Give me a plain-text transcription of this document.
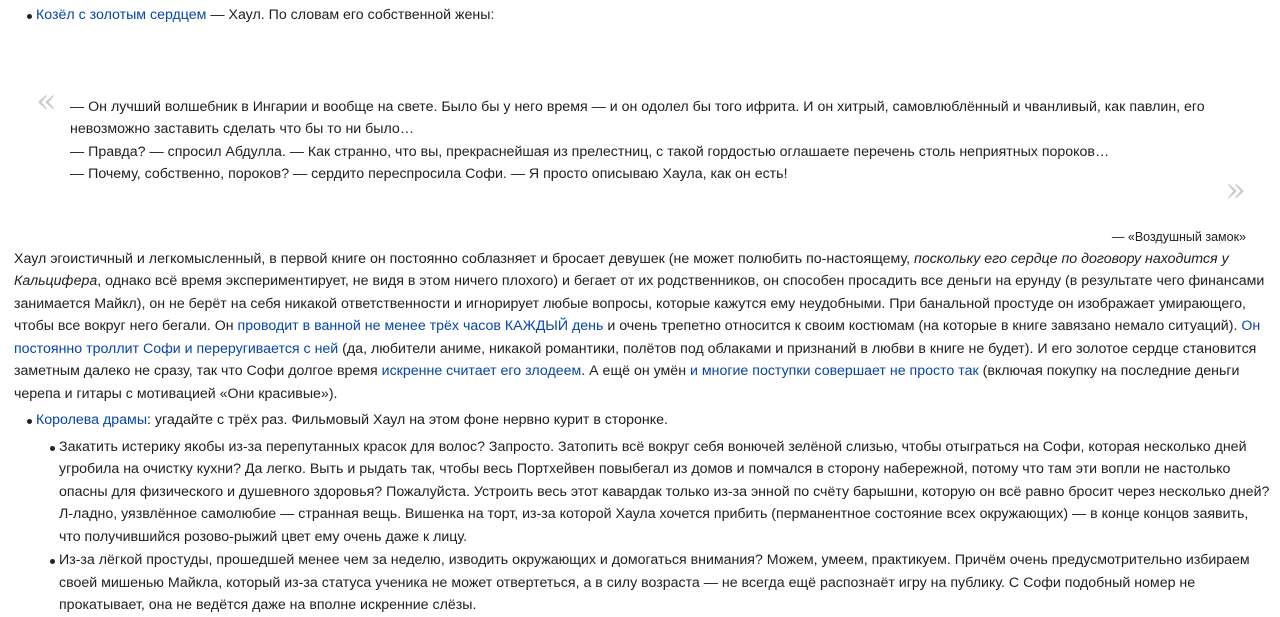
Козёл с золотым сердцем — Хаул. По словам его собственной жены:
« — Он лучший волшебник в Ингарии и вообще на свете. Было бы у него время — и он одолел бы того ифрита. И он хитрый, самовлюблённый и чванливый, как павлин, его невозможно заставить сделать что бы то ни было…

— Правда? — спросил Абдулла. — Как странно, что вы, прекраснейшая из прелестниц, с такой гордостью оглашаете перечень столь неприятных пороков…

— Почему, собственно, пороков? — сердито переспросила Софи. — Я просто описываю Хаула, как он есть!	»
— «Воздушный замок»

Хаул эгоистичный и легкомысленный, в первой книге он постоянно соблазняет и бросает девушек (не может полюбить по-настоящему, поскольку его сердце по договору находится у Кальцифера, однако всё время экспериментирует, не видя в этом ничего плохого) и бегает от их родственников, он способен просадить все деньги на ерунду (в результате чего финансами занимается Майкл), он не берёт на себя никакой ответственности и игнорирует любые вопросы, которые кажутся ему неудобными. При банальной простуде он изображает умирающего, чтобы все вокруг него бегали. Он проводит в ванной не менее трёх часов КАЖДЫЙ день и очень трепетно относится к своим костюмам (на которые в книге завязано немало ситуаций). Он постоянно троллит Софи и переругивается с ней (да, любители аниме, никакой романтики, полётов под облаками и признаний в любви в книге не будет). И его золотое сердце становится заметным далеко не сразу, так что Софи долгое время искренне считает его злодеем. А ещё он умён и многие поступки совершает не просто так (включая покупку на последние деньги черепа и гитары с мотивацией «Они красивые»).

Королева драмы: угадайте с трёх раз. Фильмовый Хаул на этом фоне нервно курит в сторонке.
Закатить истерику якобы из-за перепутанных красок для волос? Запросто. Затопить всё вокруг себя вонючей зелёной слизью, чтобы отыграться на Софи, которая несколько дней угробила на очистку кухни? Да легко. Выть и рыдать так, чтобы весь Портхейвен повыбегал из домов и помчался в сторону набережной, потому что там эти вопли не настолько опасны для физического и душевного здоровья? Пожалуйста. Устроить весь этот кавардак только из-за энной по счёту барышни, которую он всё равно бросит через несколько дней? Л-ладно, уязвлённое самолюбие — странная вещь. Вишенка на торт, из-за которой Хаула хочется прибить (перманентное состояние всех окружающих) — в конце концов заявить, что получившийся розово-рыжий цвет ему очень даже к лицу.
Из-за лёгкой простуды, прошедшей менее чем за неделю, изводить окружающих и домогаться внимания? Можем, умеем, практикуем. Причём очень предусмотрительно избираем своей мишенью Майкла, который из-за статуса ученика не может отвертеться, а в силу возраста — не всегда ещё распознаёт игру на публику. С Софи подобный номер не прокатывает, она не ведётся даже на вполне искренние слёзы.
